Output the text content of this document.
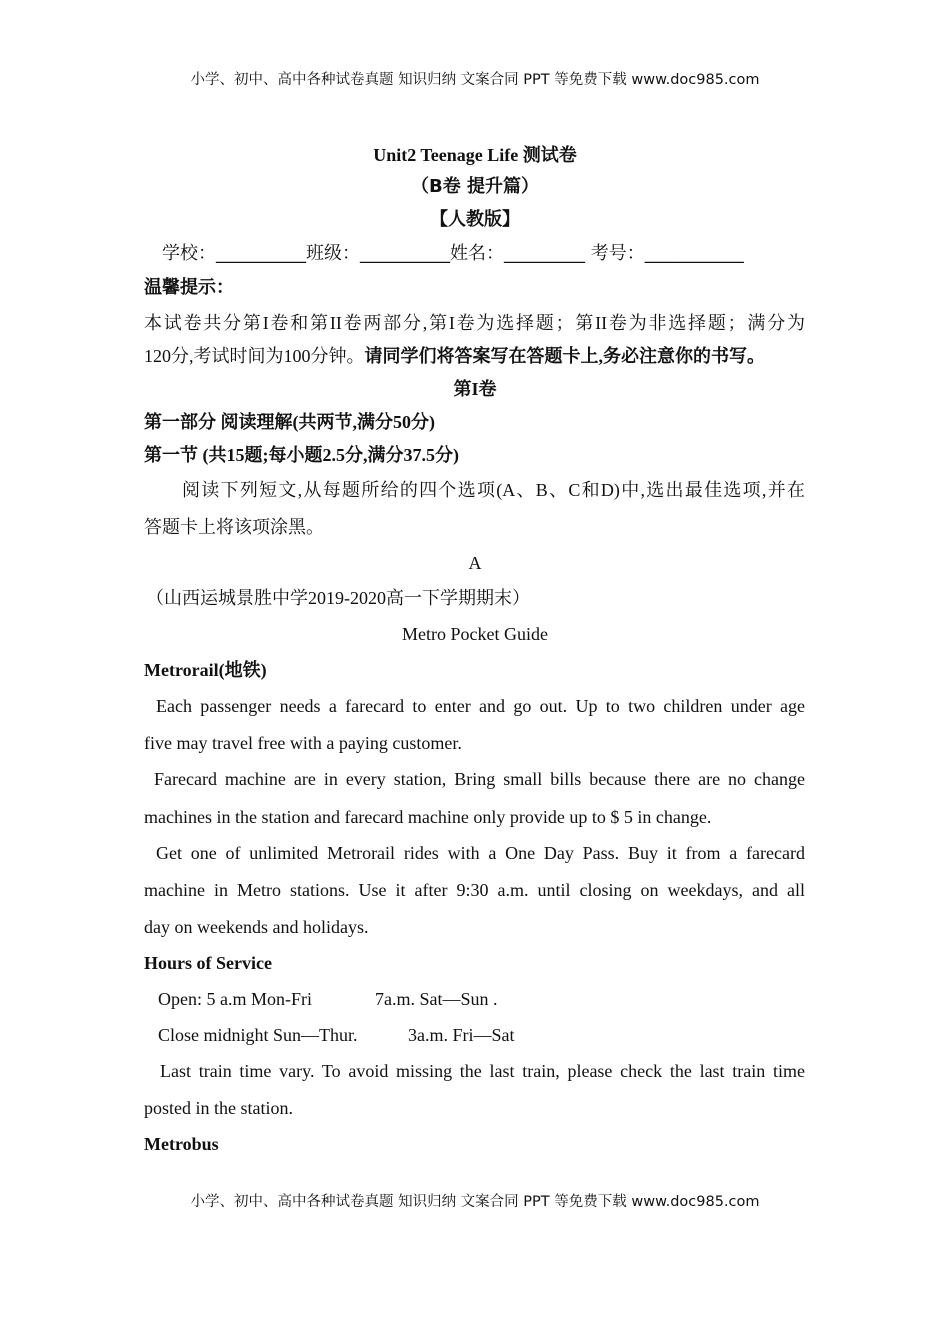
小学、初中、高中各种试卷真题 知识归纳 文案合同 PPT 等免费下载 www.doc985.com
Unit2 Teenage Life 测试卷
（B卷 提升篇）
【人教版】
学校：__________班级：__________姓名：_________ 考号：___________
温馨提示：
本试卷共分第I卷和第II卷两部分,第I卷为选择题；第II卷为非选择题；满分为
120分,考试时间为100分钟。请同学们将答案写在答题卡上,务必注意你的书写。
第I卷
第一部分 阅读理解(共两节,满分50分)
第一节 (共15题;每小题2.5分,满分37.5分)
阅读下列短文,从每题所给的四个选项(A、B、C和D)中,选出最佳选项,并在
答题卡上将该项涂黑。
A
（山西运城景胜中学2019-2020高一下学期期末）
Metro Pocket Guide
Metrorail(地铁)
Each passenger needs a farecard to enter and go out. Up to two children under age
five may travel free with a paying customer.
Farecard machine are in every station, Bring small bills because there are no change
machines in the station and farecard machine only provide up to $ 5 in change.
Get one of unlimited Metrorail rides with a One Day Pass. Buy it from a farecard
machine in Metro stations. Use it after 9:30 a.m. until closing on weekdays, and all
day on weekends and holidays.
Hours of Service
Open: 5 a.m Mon-Fri	7a.m. Sat—Sun .
Close midnight Sun—Thur.	3a.m. Fri—Sat
Last train time vary. To avoid missing the last train, please check the last train time
posted in the station.
Metrobus
小学、初中、高中各种试卷真题 知识归纳 文案合同 PPT 等免费下载 www.doc985.com
